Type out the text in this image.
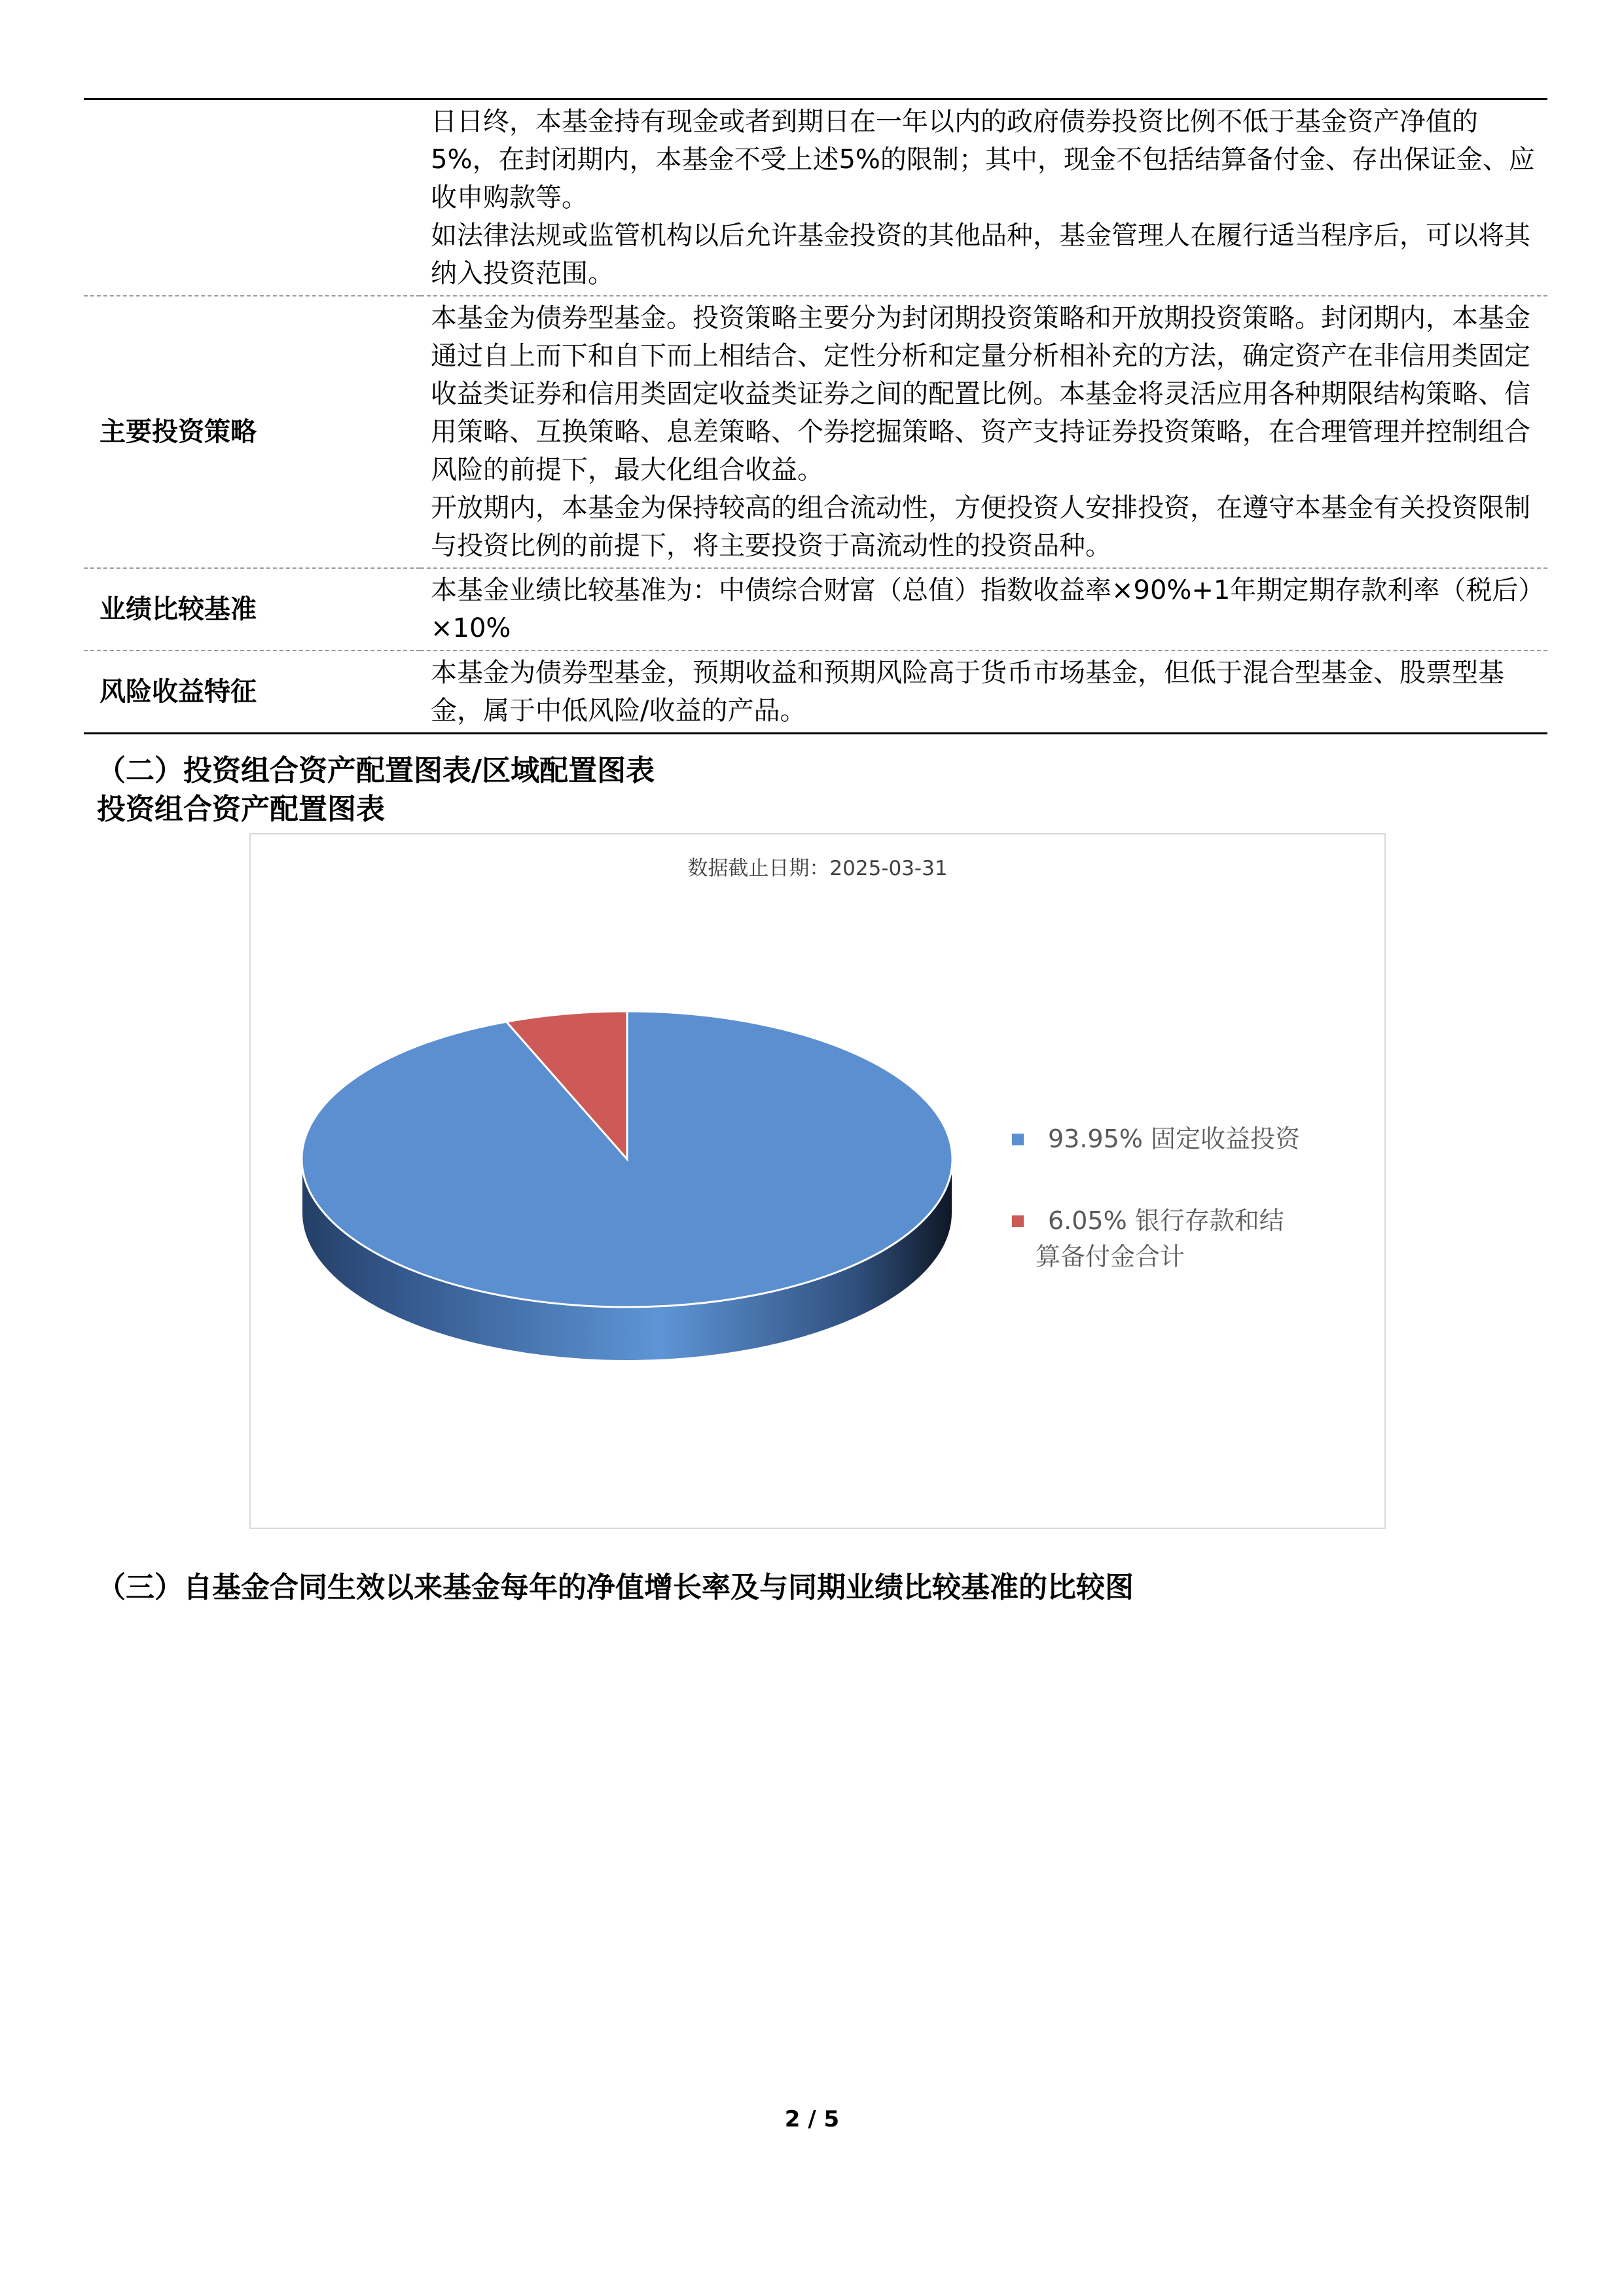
	日日终，本基金持有现金或者到期日在一年以内的政府债券投资比例不低于基金资产净值的5%，在封闭期内，本基金不受上述5%的限制；其中，现金不包括结算备付金、存出保证金、应收申购款等。

如法律法规或监管机构以后允许基金投资的其他品种，基金管理人在履行适当程序后，可以将其纳入投资范围。

主要投资策略	本基金为债券型基金。投资策略主要分为封闭期投资策略和开放期投资策略。封闭期内，本基金通过自上而下和自下而上相结合、定性分析和定量分析相补充的方法，确定资产在非信用类固定收益类证券和信用类固定收益类证券之间的配置比例。本基金将灵活应用各种期限结构策略、信用策略、互换策略、息差策略、个券挖掘策略、资产支持证券投资策略，在合理管理并控制组合风险的前提下，最大化组合收益。

开放期内，本基金为保持较高的组合流动性，方便投资人安排投资，在遵守本基金有关投资限制与投资比例的前提下，将主要投资于高流动性的投资品种。

业绩比较基准	本基金业绩比较基准为：中债综合财富（总值）指数收益率×90%+1年期定期存款利率（税后）×10%

风险收益特征	本基金为债券型基金，预期收益和预期风险高于货币市场基金，但低于混合型基金、股票型基金，属于中低风险/收益的产品。

（二）投资组合资产配置图表/区域配置图表
投资组合资产配置图表
数据截止日期：2025-03-31
93.95% 固定收益投资
6.05% 银行存款和结算备付金合计
（三）自基金合同生效以来基金每年的净值增长率及与同期业绩比较基准的比较图
2 / 5
